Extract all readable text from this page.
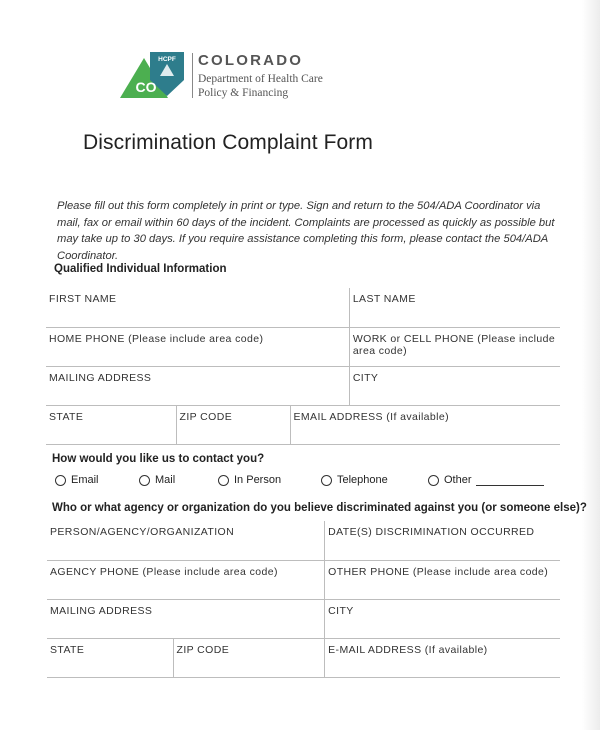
HCPF
CO
COLORADO
Department of Health Care
Policy & Financing
Discrimination Complaint Form
Please fill out this form completely in print or type. Sign and return to the 504/ADA Coordinator via mail, fax or email within 60 days of the incident. Complaints are processed as quickly as possible but may take up to 30 days. If you require assistance completing this form, please contact the 504/ADA Coordinator.
Qualified Individual Information
FIRST NAME			LAST NAME
HOME PHONE (Please include area code)			WORK or CELL PHONE (Please include area code)
MAILING ADDRESS			CITY
STATE	ZIP CODE	EMAIL ADDRESS (If available)	
How would you like us to contact you?
Email	Mail	In Person	Telephone	Other
Who or what agency or organization do you believe discriminated against you (or someone else)?
PERSON/AGENCY/ORGANIZATION		DATE(S) DISCRIMINATION OCCURRED
AGENCY PHONE (Please include area code)		OTHER PHONE (Please include area code)
MAILING ADDRESS		CITY
STATE	ZIP CODE	E-MAIL ADDRESS (If available)
